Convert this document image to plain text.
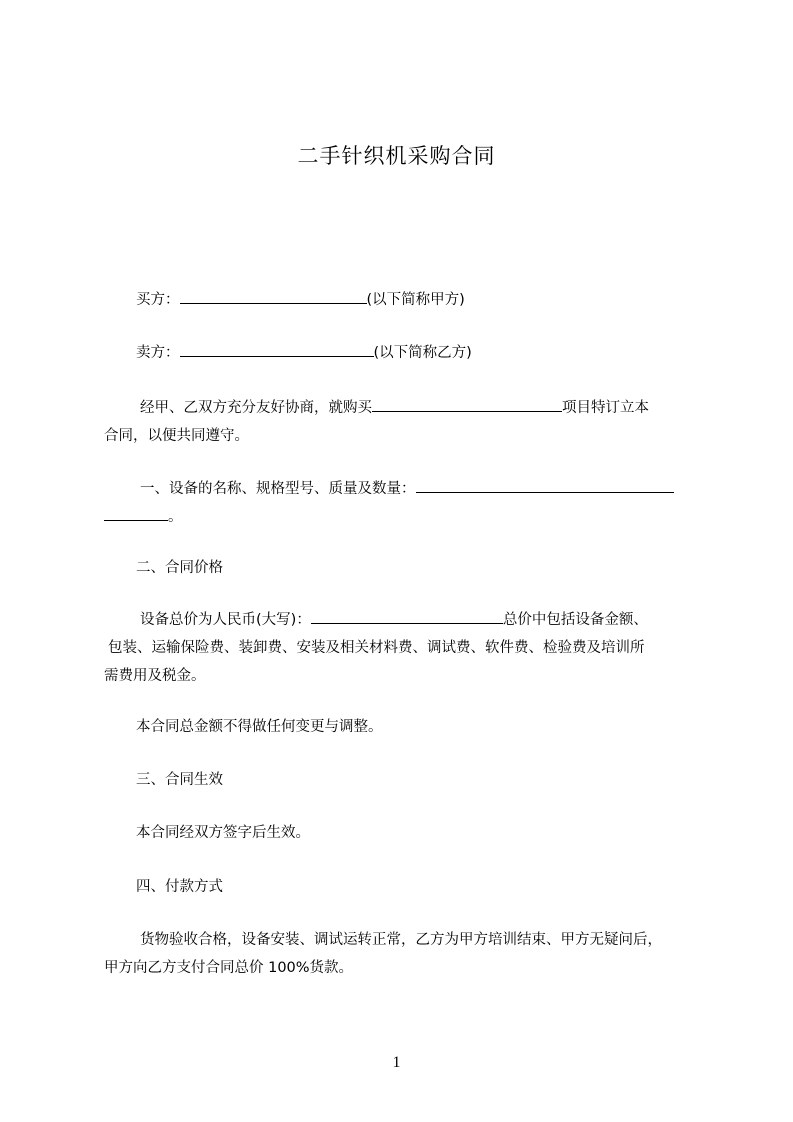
二手针织机采购合同
买方：	(以下简称甲方)
卖方：	(以下简称乙方)
经甲、乙双方充分友好协商，就购买	项目特订立本
合同，以便共同遵守。
一、设备的名称、规格型号、质量及数量：
。
二、合同价格
设备总价为人民币(大写)：	总价中包括设备金额、
包装、运输保险费、装卸费、安装及相关材料费、调试费、软件费、检验费及培训所
需费用及税金。
本合同总金额不得做任何变更与调整。
三、合同生效
本合同经双方签字后生效。
四、付款方式
货物验收合格，设备安装、调试运转正常，乙方为甲方培训结束、甲方无疑问后，
甲方向乙方支付合同总价 100%货款。
1
